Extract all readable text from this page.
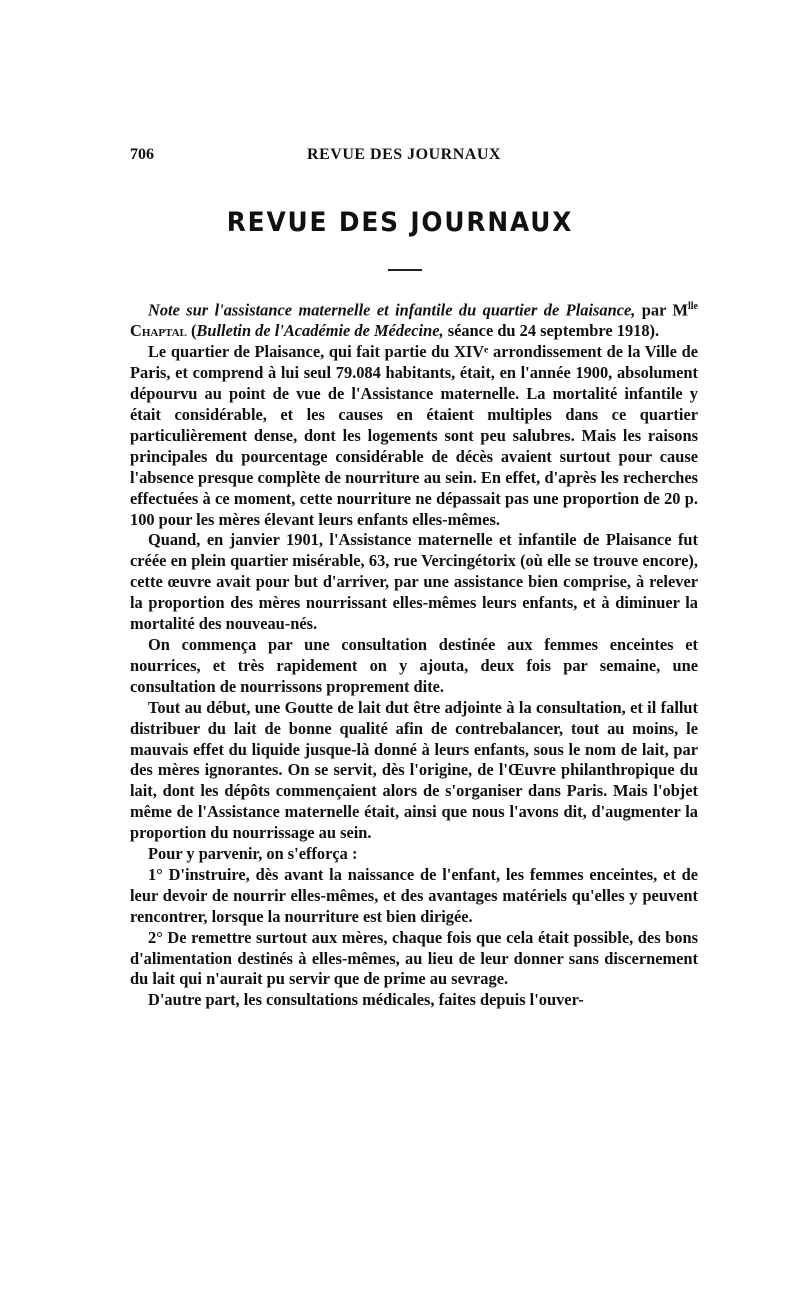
706	REVUE DES JOURNAUX
REVUE DES JOURNAUX

Note sur l'assistance maternelle et infantile du quartier de Plaisance, par $M^{lle}$ Chaptal (Bulletin de l'Académie de Médecine, séance du 24 septembre 1918).

Le quartier de Plaisance, qui fait partie du XIVᵉ arrondissement de la Ville de Paris, et comprend à lui seul 79.084 habitants, était, en l'année 1900, absolument dépourvu au point de vue de l'Assistance maternelle. La mortalité infantile y était considérable, et les causes en étaient multiples dans ce quartier particulièrement dense, dont les logements sont peu salubres. Mais les raisons principales du pourcentage considérable de décès avaient surtout pour cause l'absence presque complète de nourriture au sein. En effet, d'après les recherches effectuées à ce moment, cette nourriture ne dépassait pas une proportion de 20 p. 100 pour les mères élevant leurs enfants elles-mêmes.

Quand, en janvier 1901, l'Assistance maternelle et infantile de Plaisance fut créée en plein quartier misérable, 63, rue Vercingétorix (où elle se trouve encore), cette œuvre avait pour but d'arriver, par une assistance bien comprise, à relever la proportion des mères nourrissant elles-mêmes leurs enfants, et à diminuer la mortalité des nouveau-nés.

On commença par une consultation destinée aux femmes enceintes et nourrices, et très rapidement on y ajouta, deux fois par semaine, une consultation de nourrissons proprement dite.

Tout au début, une Goutte de lait dut être adjointe à la consultation, et il fallut distribuer du lait de bonne qualité afin de contrebalancer, tout au moins, le mauvais effet du liquide jusque-là donné à leurs enfants, sous le nom de lait, par des mères ignorantes. On se servit, dès l'origine, de l'Œuvre philanthropique du lait, dont les dépôts commençaient alors de s'organiser dans Paris. Mais l'objet même de l'Assistance maternelle était, ainsi que nous l'avons dit, d'augmenter la proportion du nourrissage au sein.

Pour y parvenir, on s'efforça :

1° D'instruire, dès avant la naissance de l'enfant, les femmes enceintes, et de leur devoir de nourrir elles-mêmes, et des avantages matériels qu'elles y peuvent rencontrer, lorsque la nourriture est bien dirigée.

2° De remettre surtout aux mères, chaque fois que cela était possible, des bons d'alimentation destinés à elles-mêmes, au lieu de leur donner sans discernement du lait qui n'aurait pu servir que de prime au sevrage.

D'autre part, les consultations médicales, faites depuis l'ouver-
